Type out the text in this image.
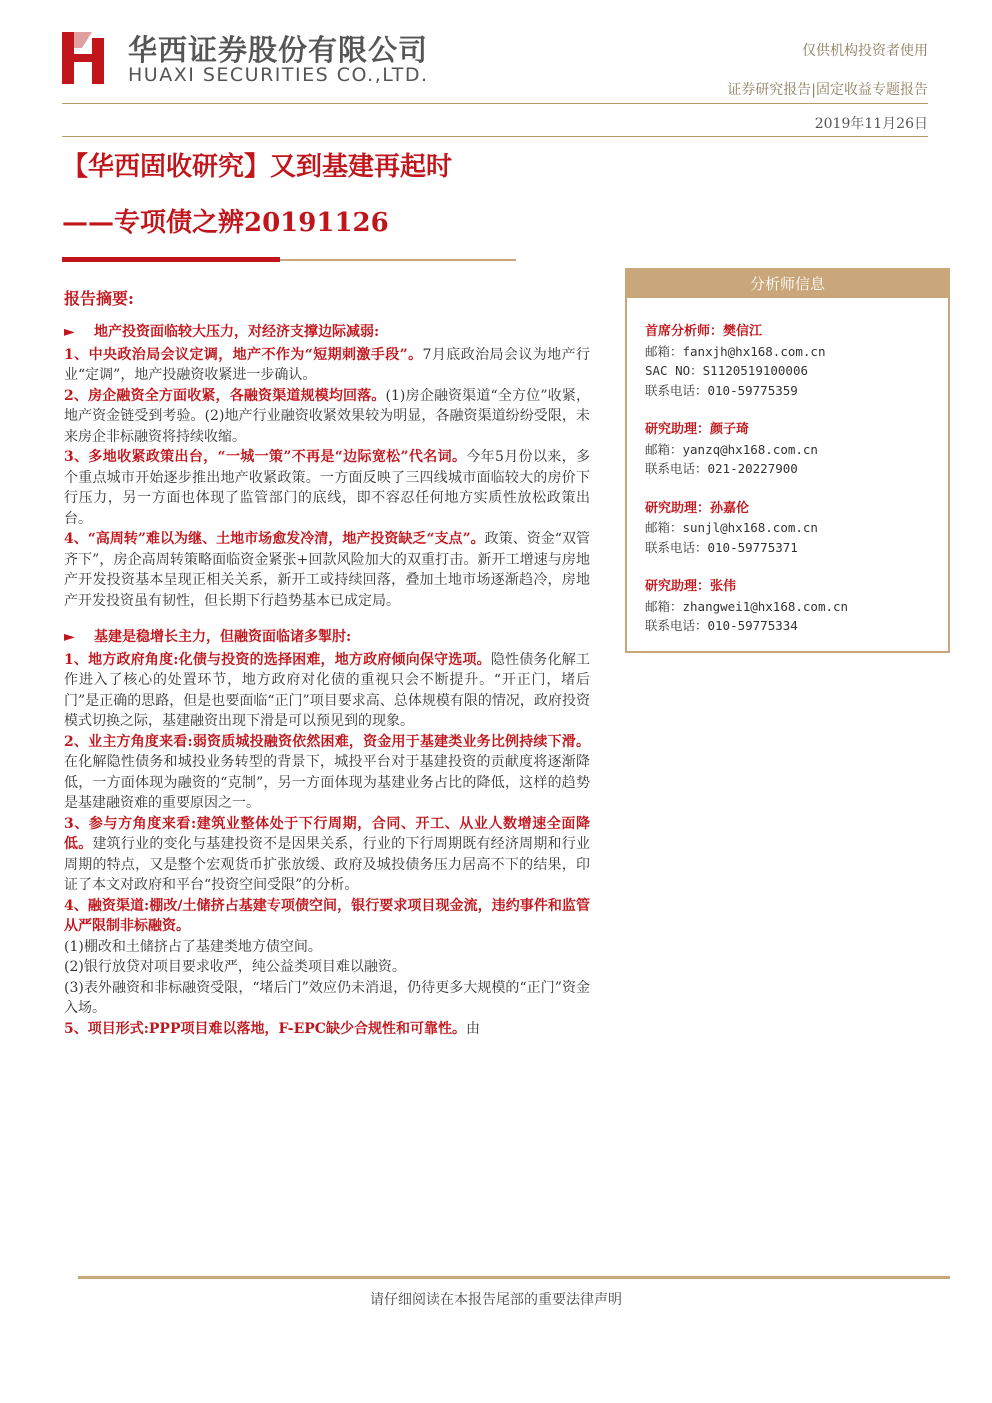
华西证券股份有限公司
HUAXI SECURITIES CO.,LTD.
仅供机构投资者使用
证券研究报告|固定收益专题报告
2019年11月26日
【华西固收研究】又到基建再起时
——专项债之辨20191126
报告摘要:

► 地产投资面临较大压力，对经济支撑边际减弱:

1、中央政治局会议定调，地产不作为“短期刺激手段”。7月底政治局会议为地产行业“定调”，地产投融资收紧进一步确认。

2、房企融资全方面收紧，各融资渠道规模均回落。(1)房企融资渠道“全方位”收紧，地产资金链受到考验。(2)地产行业融资收紧效果较为明显，各融资渠道纷纷受限，未来房企非标融资将持续收缩。

3、多地收紧政策出台，“一城一策”不再是“边际宽松”代名词。今年5月份以来，多个重点城市开始逐步推出地产收紧政策。一方面反映了三四线城市面临较大的房价下行压力，另一方面也体现了监管部门的底线，即不容忍任何地方实质性放松政策出台。

4、“高周转”难以为继、土地市场愈发冷清，地产投资缺乏“支点”。政策、资金“双管齐下”，房企高周转策略面临资金紧张+回款风险加大的双重打击。新开工增速与房地产开发投资基本呈现正相关关系，新开工或持续回落，叠加土地市场逐渐趋冷，房地产开发投资虽有韧性，但长期下行趋势基本已成定局。

► 基建是稳增长主力，但融资面临诸多掣肘:

1、地方政府角度:化债与投资的选择困难，地方政府倾向保守选项。隐性债务化解工作进入了核心的处置环节，地方政府对化债的重视只会不断提升。“开正门，堵后门”是正确的思路，但是也要面临“正门”项目要求高、总体规模有限的情况，政府投资模式切换之际，基建融资出现下滑是可以预见到的现象。

2、业主方角度来看:弱资质城投融资依然困难，资金用于基建类业务比例持续下滑。在化解隐性债务和城投业务转型的背景下，城投平台对于基建投资的贡献度将逐渐降低，一方面体现为融资的“克制”，另一方面体现为基建业务占比的降低，这样的趋势是基建融资难的重要原因之一。

3、参与方角度来看:建筑业整体处于下行周期，合同、开工、从业人数增速全面降低。建筑行业的变化与基建投资不是因果关系，行业的下行周期既有经济周期和行业周期的特点，又是整个宏观货币扩张放缓、政府及城投债务压力居高不下的结果，印证了本文对政府和平台“投资空间受限”的分析。

4、融资渠道:棚改/土储挤占基建专项债空间，银行要求项目现金流，违约事件和监管从严限制非标融资。

(1)棚改和土储挤占了基建类地方债空间。

(2)银行放贷对项目要求收严，纯公益类项目难以融资。

(3)表外融资和非标融资受限，“堵后门”效应仍未消退，仍待更多大规模的“正门”资金入场。

5、项目形式:PPP项目难以落地，F-EPC缺少合规性和可靠性。由

分析师信息
首席分析师：樊信江
邮箱：fanxjh@hx168.com.cn
SAC NO：S1120519100006
联系电话：010-59775359
研究助理：颜子琦
邮箱：yanzq@hx168.com.cn
联系电话：021-20227900
研究助理：孙嘉伦
邮箱：sunjl@hx168.com.cn
联系电话：010-59775371
研究助理：张伟
邮箱：zhangwei1@hx168.com.cn
联系电话：010-59775334
请仔细阅读在本报告尾部的重要法律声明
